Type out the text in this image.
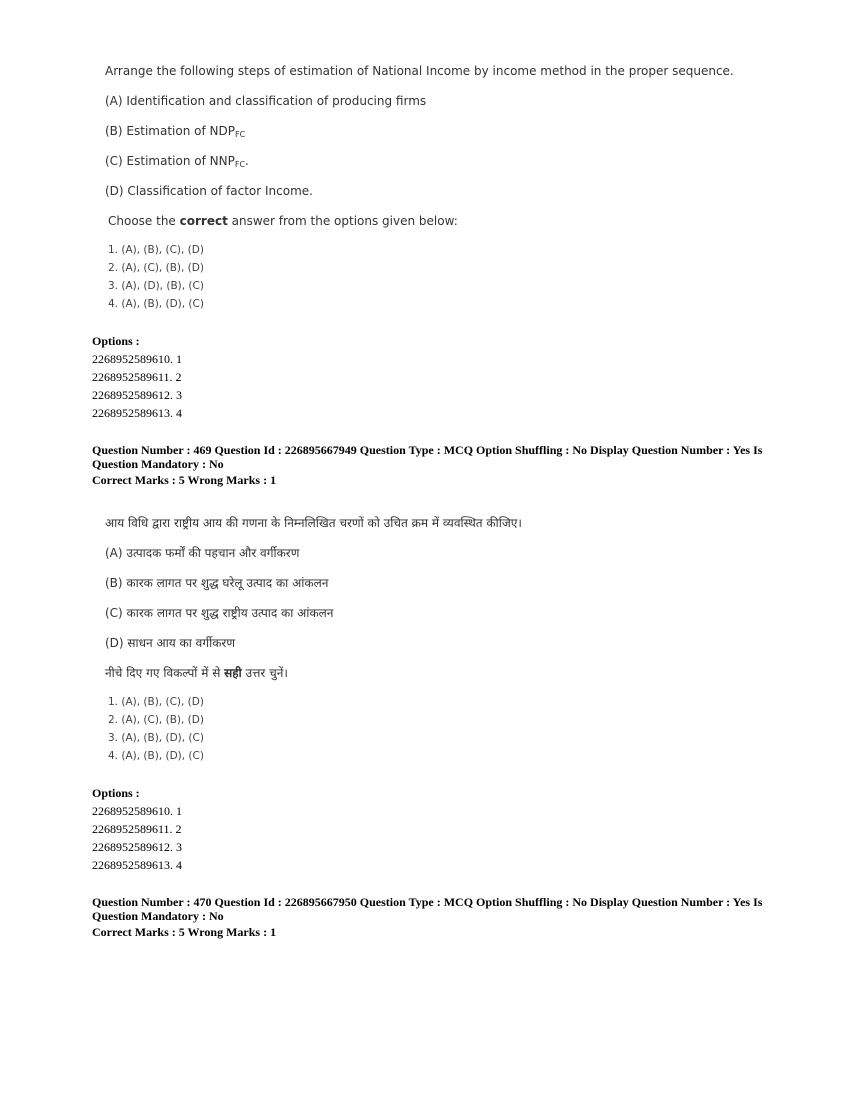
Arrange the following steps of estimation of National Income by income method in the proper sequence.
(A) Identification and classification of producing firms
(B) Estimation of $NDP_{FC}$
(C) Estimation of $NNP_{FC}$.
(D) Classification of factor Income.
Choose the correct answer from the options given below:
1. (A), (B), (C), (D)
2. (A), (C), (B), (D)
3. (A), (D), (B), (C)
4. (A), (B), (D), (C)
Options :
2268952589610. 1
2268952589611. 2
2268952589612. 3
2268952589613. 4
Question Number : 469 Question Id : 226895667949 Question Type : MCQ Option Shuffling : No Display Question Number : Yes Is
Question Mandatory : No
Correct Marks : 5 Wrong Marks : 1
आय विधि द्वारा राष्ट्रीय आय की गणना के निम्नलिखित चरणों को उचित क्रम में व्यवस्थित कीजिए।
(A) उत्पादक फर्मों की पहचान और वर्गीकरण
(B) कारक लागत पर शुद्ध घरेलू उत्पाद का आंकलन
(C) कारक लागत पर शुद्ध राष्ट्रीय उत्पाद का आंकलन
(D) साधन आय का वर्गीकरण
नीचे दिए गए विकल्पों में से सही उत्तर चुनें।
1. (A), (B), (C), (D)
2. (A), (C), (B), (D)
3. (A), (B), (D), (C)
4. (A), (B), (D), (C)
Options :
2268952589610. 1
2268952589611. 2
2268952589612. 3
2268952589613. 4
Question Number : 470 Question Id : 226895667950 Question Type : MCQ Option Shuffling : No Display Question Number : Yes Is
Question Mandatory : No
Correct Marks : 5 Wrong Marks : 1
